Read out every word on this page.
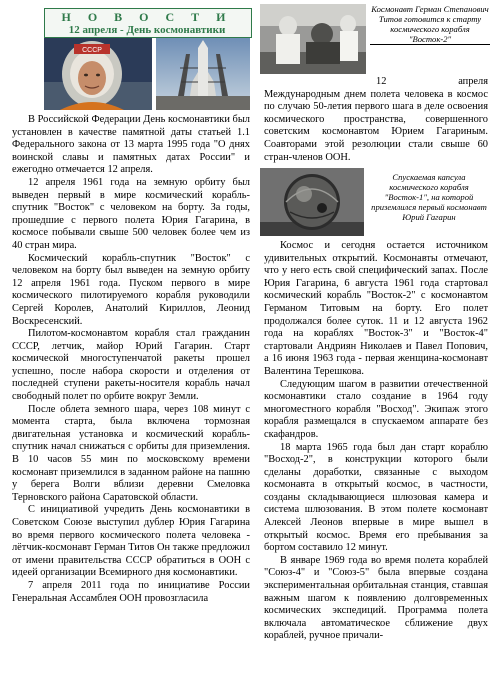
Н О В О С Т И
12 апреля - День космонавтики
СССР

В Российской Федерации День космонавтики был установлен в качестве памятной даты статьей 1.1 Федерального закона от 13 марта 1995 года "О днях воинской славы и памятных датах России" и ежегодно отмечается 12 апреля.

12 апреля 1961 года на земную орбиту был выведен первый в мире космический корабль-спутник "Восток" с человеком на борту. За годы, прошедшие с первого полета Юрия Гагарина, в космосе побывали свыше 500 человек более чем из 40 стран мира.

Космический корабль-спутник "Восток" с человеком на борту был выведен на земную орбиту 12 апреля 1961 года. Пуском первого в мире космического пилотируемого корабля руководили Сергей Королев, Анатолий Кириллов, Леонид Воскресенский.

Пилотом-космонавтом корабля стал гражданин СССР, летчик, майор Юрий Гагарин. Старт космической многоступенчатой ракеты прошел успешно, после набора скорости и отделения от последней ступени ракеты-носителя корабль начал свободный полет по орбите вокруг Земли.

После облета земного шара, через 108 минут с момента старта, была включена тормозная двигательная установка и космический корабль-спутник начал снижаться с орбиты для приземления. В 10 часов 55 мин по московскому времени космонавт приземлился в заданном районе на пашню у берега Волги вблизи деревни Смеловка Терновского района Саратовской области.

С инициативой учредить День космонавтики в Советском Союзе выступил дублер Юрия Гагарина во время первого космического полета человека - лётчик-космонавт Герман Титов Он также предложил от имени правительства СССР обратиться в ООН с идеей организации Всемирного дня космонавтики.

7 апреля 2011 года по инициативе России Генеральная Ассамблея ООН провозгласила

Космонавт Герман Степанович Титов готовится к старту космического корабля "Восток-2"

12 апреля Международным днем полета человека в космос по случаю 50-летия первого шага в деле освоения космического пространства, совершенного советским космонавтом Юрием Гагариным. Соавторами этой резолюции стали свыше 60 стран-членов ООН.

Спускаемая капсула космического корабля "Восток-1", на которой приземлился первый космонавт Юрий Гагарин

Космос и сегодня остается источником удивительных открытий. Космонавты отмечают, что у него есть свой специфический запах. После Юрия Гагарина, 6 августа 1961 года стартовал космический корабль "Восток-2" с космонавтом Германом Титовым на борту. Его полет продолжался более суток. 11 и 12 августа 1962 года на кораблях "Восток-3" и "Восток-4" стартовали Андриян Николаев и Павел Попович, а 16 июня 1963 года - первая женщина-космонавт Валентина Терешкова.

Следующим шагом в развитии отечественной космонавтики стало создание в 1964 году многоместного корабля "Восход". Экипаж этого корабля размещался в спускаемом аппарате без скафандров.

18 марта 1965 года был дан старт кораблю "Восход-2", в конструкции которого были сделаны доработки, связанные с выходом космонавта в открытый космос, в частности, созданы складывающиеся шлюзовая камера и система шлюзования. В этом полете космонавт Алексей Леонов впервые в мире вышел в открытый космос. Время его пребывания за бортом составило 12 минут.

В январе 1969 года во время полета кораблей "Союз-4" и "Союз-5" была впервые создана экспериментальная орбитальная станция, ставшая важным шагом к появлению долговременных космических экспедиций. Программа полета включала автоматическое сближение двух кораблей, ручное причали-
